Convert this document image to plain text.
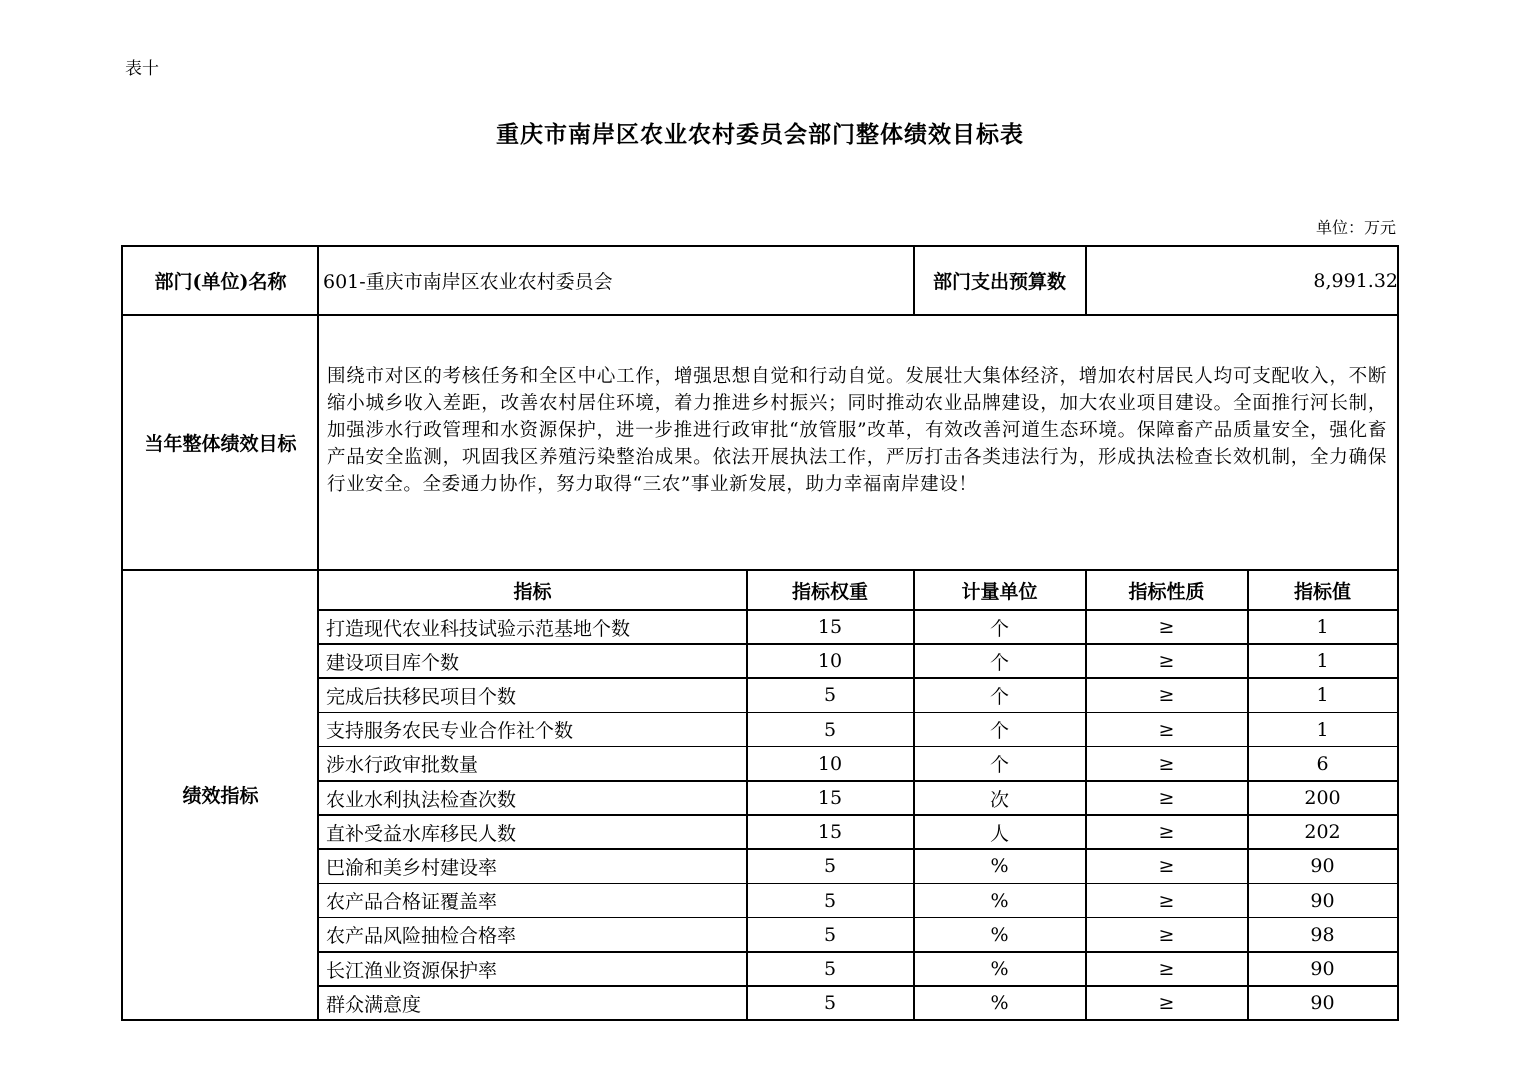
表十
重庆市南岸区农业农村委员会部门整体绩效目标表
单位：万元
部门(单位)名称	601-重庆市南岸区农业农村委员会	部门支出预算数	8,991.32
当年整体绩效目标
围绕市对区的考核任务和全区中心工作，增强思想自觉和行动自觉。发展壮大集体经济，增加农村居民人均可支配收入，不断缩小城乡收入差距，改善农村居住环境，着力推进乡村振兴；同时推动农业品牌建设，加大农业项目建设。全面推行河长制，加强涉水行政管理和水资源保护，进一步推进行政审批“放管服”改革，有效改善河道生态环境。保障畜产品质量安全，强化畜产品安全监测，巩固我区养殖污染整治成果。依法开展执法工作，严厉打击各类违法行为，形成执法检查长效机制，全力确保行业安全。全委通力协作，努力取得“三农”事业新发展，助力幸福南岸建设！
绩效指标
指标	指标权重	计量单位	指标性质	指标值
打造现代农业科技试验示范基地个数	15	个	≥	1
建设项目库个数	10	个	≥	1
完成后扶移民项目个数	5	个	≥	1
支持服务农民专业合作社个数	5	个	≥	1
涉水行政审批数量	10	个	≥	6
农业水利执法检查次数	15	次	≥	200
直补受益水库移民人数	15	人	≥	202
巴渝和美乡村建设率	5	%	≥	90
农产品合格证覆盖率	5	%	≥	90
农产品风险抽检合格率	5	%	≥	98
长江渔业资源保护率	5	%	≥	90
群众满意度	5	%	≥	90
